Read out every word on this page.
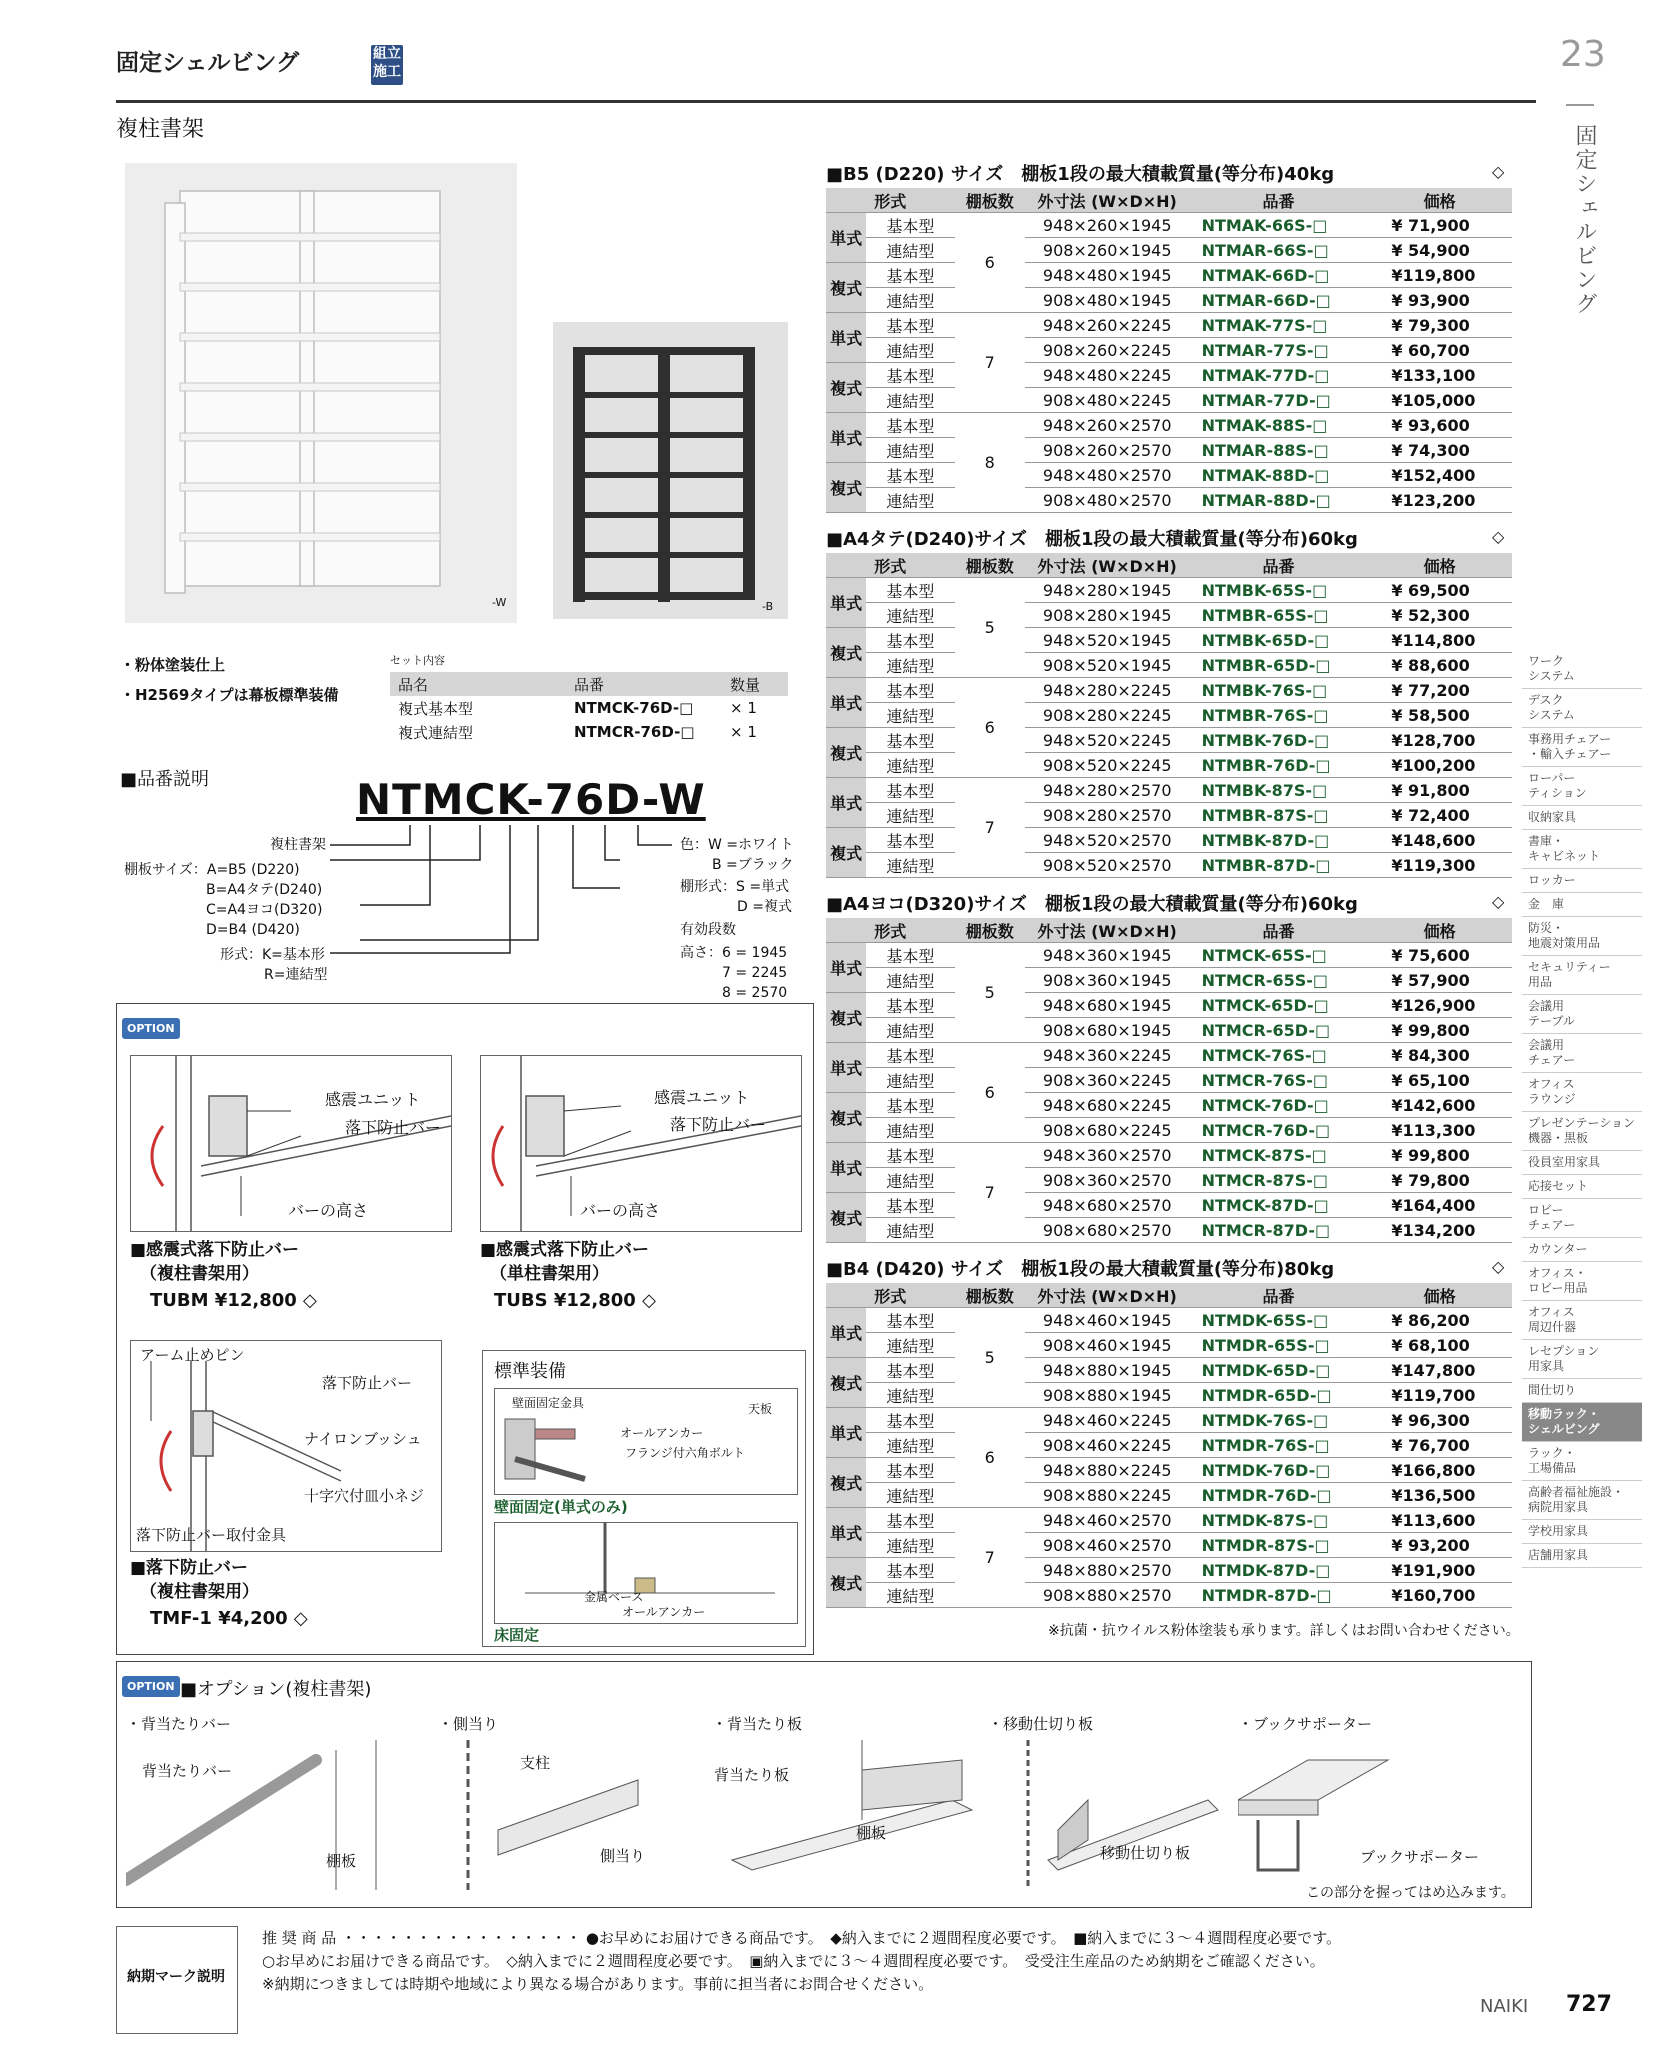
固定シェルビング	組立
施工	23
固定シェルビング
複柱書架
-W	-B
・粉体塗装仕上
・H2569タイプは幕板標準装備
セット内容
品名	品番	数量
複式基本型	NTMCK-76D-□	× 1
複式連結型	NTMCR-76D-□	× 1
■品番説明	NTMCK-76D-W
複柱書架
棚板サイズ：A=B5 (D220)
B=A4タテ(D240)
C=A4ヨコ(D320)
D=B4 (D420)
形式：K=基本形
R=連結型
色：W =ホワイト
B =ブラック
棚形式：S =単式
D =複式
有効段数
高さ：6 = 1945
7 = 2245
8 = 2570
OPTION
感震ユニット
落下防止バー
バーの高さ
■感震式落下防止バー
（複柱書架用）
TUBM ¥12,800 ◇
感震ユニット
落下防止バー
バーの高さ
■感震式落下防止バー
（単柱書架用）
TUBS ¥12,800 ◇
アーム止めピン
落下防止バー
ナイロンブッシュ
十字穴付皿小ネジ
落下防止バー取付金具
■落下防止バー
（複柱書架用）
TMF-1 ¥4,200 ◇
標準装備
壁面固定金具	天板
オールアンカー
フランジ付六角ボルト
壁面固定(単式のみ)
金属ベース
オールアンカー
床固定
■B5 (D220) サイズ　棚板1段の最大積載質量(等分布)40kg	◇
形式		棚板数	外寸法 (W×D×H)	品番	価格
単式	基本型	6	948×260×1945	NTMAK-66S-□	¥ 71,900
	連結型		908×260×1945	NTMAR-66S-□	¥ 54,900
複式	基本型		948×480×1945	NTMAK-66D-□	¥119,800
	連結型		908×480×1945	NTMAR-66D-□	¥ 93,900
単式	基本型	7	948×260×2245	NTMAK-77S-□	¥ 79,300
	連結型		908×260×2245	NTMAR-77S-□	¥ 60,700
複式	基本型		948×480×2245	NTMAK-77D-□	¥133,100
	連結型		908×480×2245	NTMAR-77D-□	¥105,000
単式	基本型	8	948×260×2570	NTMAK-88S-□	¥ 93,600
	連結型		908×260×2570	NTMAR-88S-□	¥ 74,300
複式	基本型		948×480×2570	NTMAK-88D-□	¥152,400
	連結型		908×480×2570	NTMAR-88D-□	¥123,200
■A4タテ(D240)サイズ　棚板1段の最大積載質量(等分布)60kg	◇
形式		棚板数	外寸法 (W×D×H)	品番	価格
単式	基本型	5	948×280×1945	NTMBK-65S-□	¥ 69,500
	連結型		908×280×1945	NTMBR-65S-□	¥ 52,300
複式	基本型		948×520×1945	NTMBK-65D-□	¥114,800
	連結型		908×520×1945	NTMBR-65D-□	¥ 88,600
単式	基本型	6	948×280×2245	NTMBK-76S-□	¥ 77,200
	連結型		908×280×2245	NTMBR-76S-□	¥ 58,500
複式	基本型		948×520×2245	NTMBK-76D-□	¥128,700
	連結型		908×520×2245	NTMBR-76D-□	¥100,200
単式	基本型	7	948×280×2570	NTMBK-87S-□	¥ 91,800
	連結型		908×280×2570	NTMBR-87S-□	¥ 72,400
複式	基本型		948×520×2570	NTMBK-87D-□	¥148,600
	連結型		908×520×2570	NTMBR-87D-□	¥119,300
■A4ヨコ(D320)サイズ　棚板1段の最大積載質量(等分布)60kg	◇
形式		棚板数	外寸法 (W×D×H)	品番	価格
単式	基本型	5	948×360×1945	NTMCK-65S-□	¥ 75,600
	連結型		908×360×1945	NTMCR-65S-□	¥ 57,900
複式	基本型		948×680×1945	NTMCK-65D-□	¥126,900
	連結型		908×680×1945	NTMCR-65D-□	¥ 99,800
単式	基本型	6	948×360×2245	NTMCK-76S-□	¥ 84,300
	連結型		908×360×2245	NTMCR-76S-□	¥ 65,100
複式	基本型		948×680×2245	NTMCK-76D-□	¥142,600
	連結型		908×680×2245	NTMCR-76D-□	¥113,300
単式	基本型	7	948×360×2570	NTMCK-87S-□	¥ 99,800
	連結型		908×360×2570	NTMCR-87S-□	¥ 79,800
複式	基本型		948×680×2570	NTMCK-87D-□	¥164,400
	連結型		908×680×2570	NTMCR-87D-□	¥134,200
■B4 (D420) サイズ　棚板1段の最大積載質量(等分布)80kg	◇
形式		棚板数	外寸法 (W×D×H)	品番	価格
単式	基本型	5	948×460×1945	NTMDK-65S-□	¥ 86,200
	連結型		908×460×1945	NTMDR-65S-□	¥ 68,100
複式	基本型		948×880×1945	NTMDK-65D-□	¥147,800
	連結型		908×880×1945	NTMDR-65D-□	¥119,700
単式	基本型	6	948×460×2245	NTMDK-76S-□	¥ 96,300
	連結型		908×460×2245	NTMDR-76S-□	¥ 76,700
複式	基本型		948×880×2245	NTMDK-76D-□	¥166,800
	連結型		908×880×2245	NTMDR-76D-□	¥136,500
単式	基本型	7	948×460×2570	NTMDK-87S-□	¥113,600
	連結型		908×460×2570	NTMDR-87S-□	¥ 93,200
複式	基本型		948×880×2570	NTMDK-87D-□	¥191,900
	連結型		908×880×2570	NTMDR-87D-□	¥160,700
※抗菌・抗ウイルス粉体塗装も承ります。詳しくはお問い合わせください。
ワーク
システム
デスク
システム
事務用チェアー
・輸入チェアー
ローパー
ティション
収納家具
書庫・
キャビネット
ロッカー
金　庫
防災・
地震対策用品
セキュリティー
用品
会議用
テーブル
会議用
チェアー
オフィス
ラウンジ
プレゼンテーション
機器・黒板
役員室用家具
応接セット
ロビー
チェアー
カウンター
オフィス・
ロビー用品
オフィス
周辺什器
レセプション
用家具
間仕切り
移動ラック・
シェルビング
ラック・
工場備品
高齢者福祉施設・
病院用家具
学校用家具
店舗用家具
OPTION ■オプション(複柱書架)
・背当たりバー
背当たりバー
棚板
・側当り
支柱
側当り
・背当たり板
背当たり板
棚板
・移動仕切り板
移動仕切り板
・ブックサポーター
ブックサポーター
この部分を握ってはめ込みます。
納期マーク説明
推 奨 商 品 ・・・・・・・・・・・・・・・・ ●お早めにお届けできる商品です。　◆納入までに２週間程度必要です。　■納入までに３～４週間程度必要です。
○お早めにお届けできる商品です。　◇納入までに２週間程度必要です。　▣納入までに３～４週間程度必要です。　受受注生産品のため納期をご確認ください。
※納期につきましては時期や地域により異なる場合があります。事前に担当者にお問合せください。
NAIKI 727
